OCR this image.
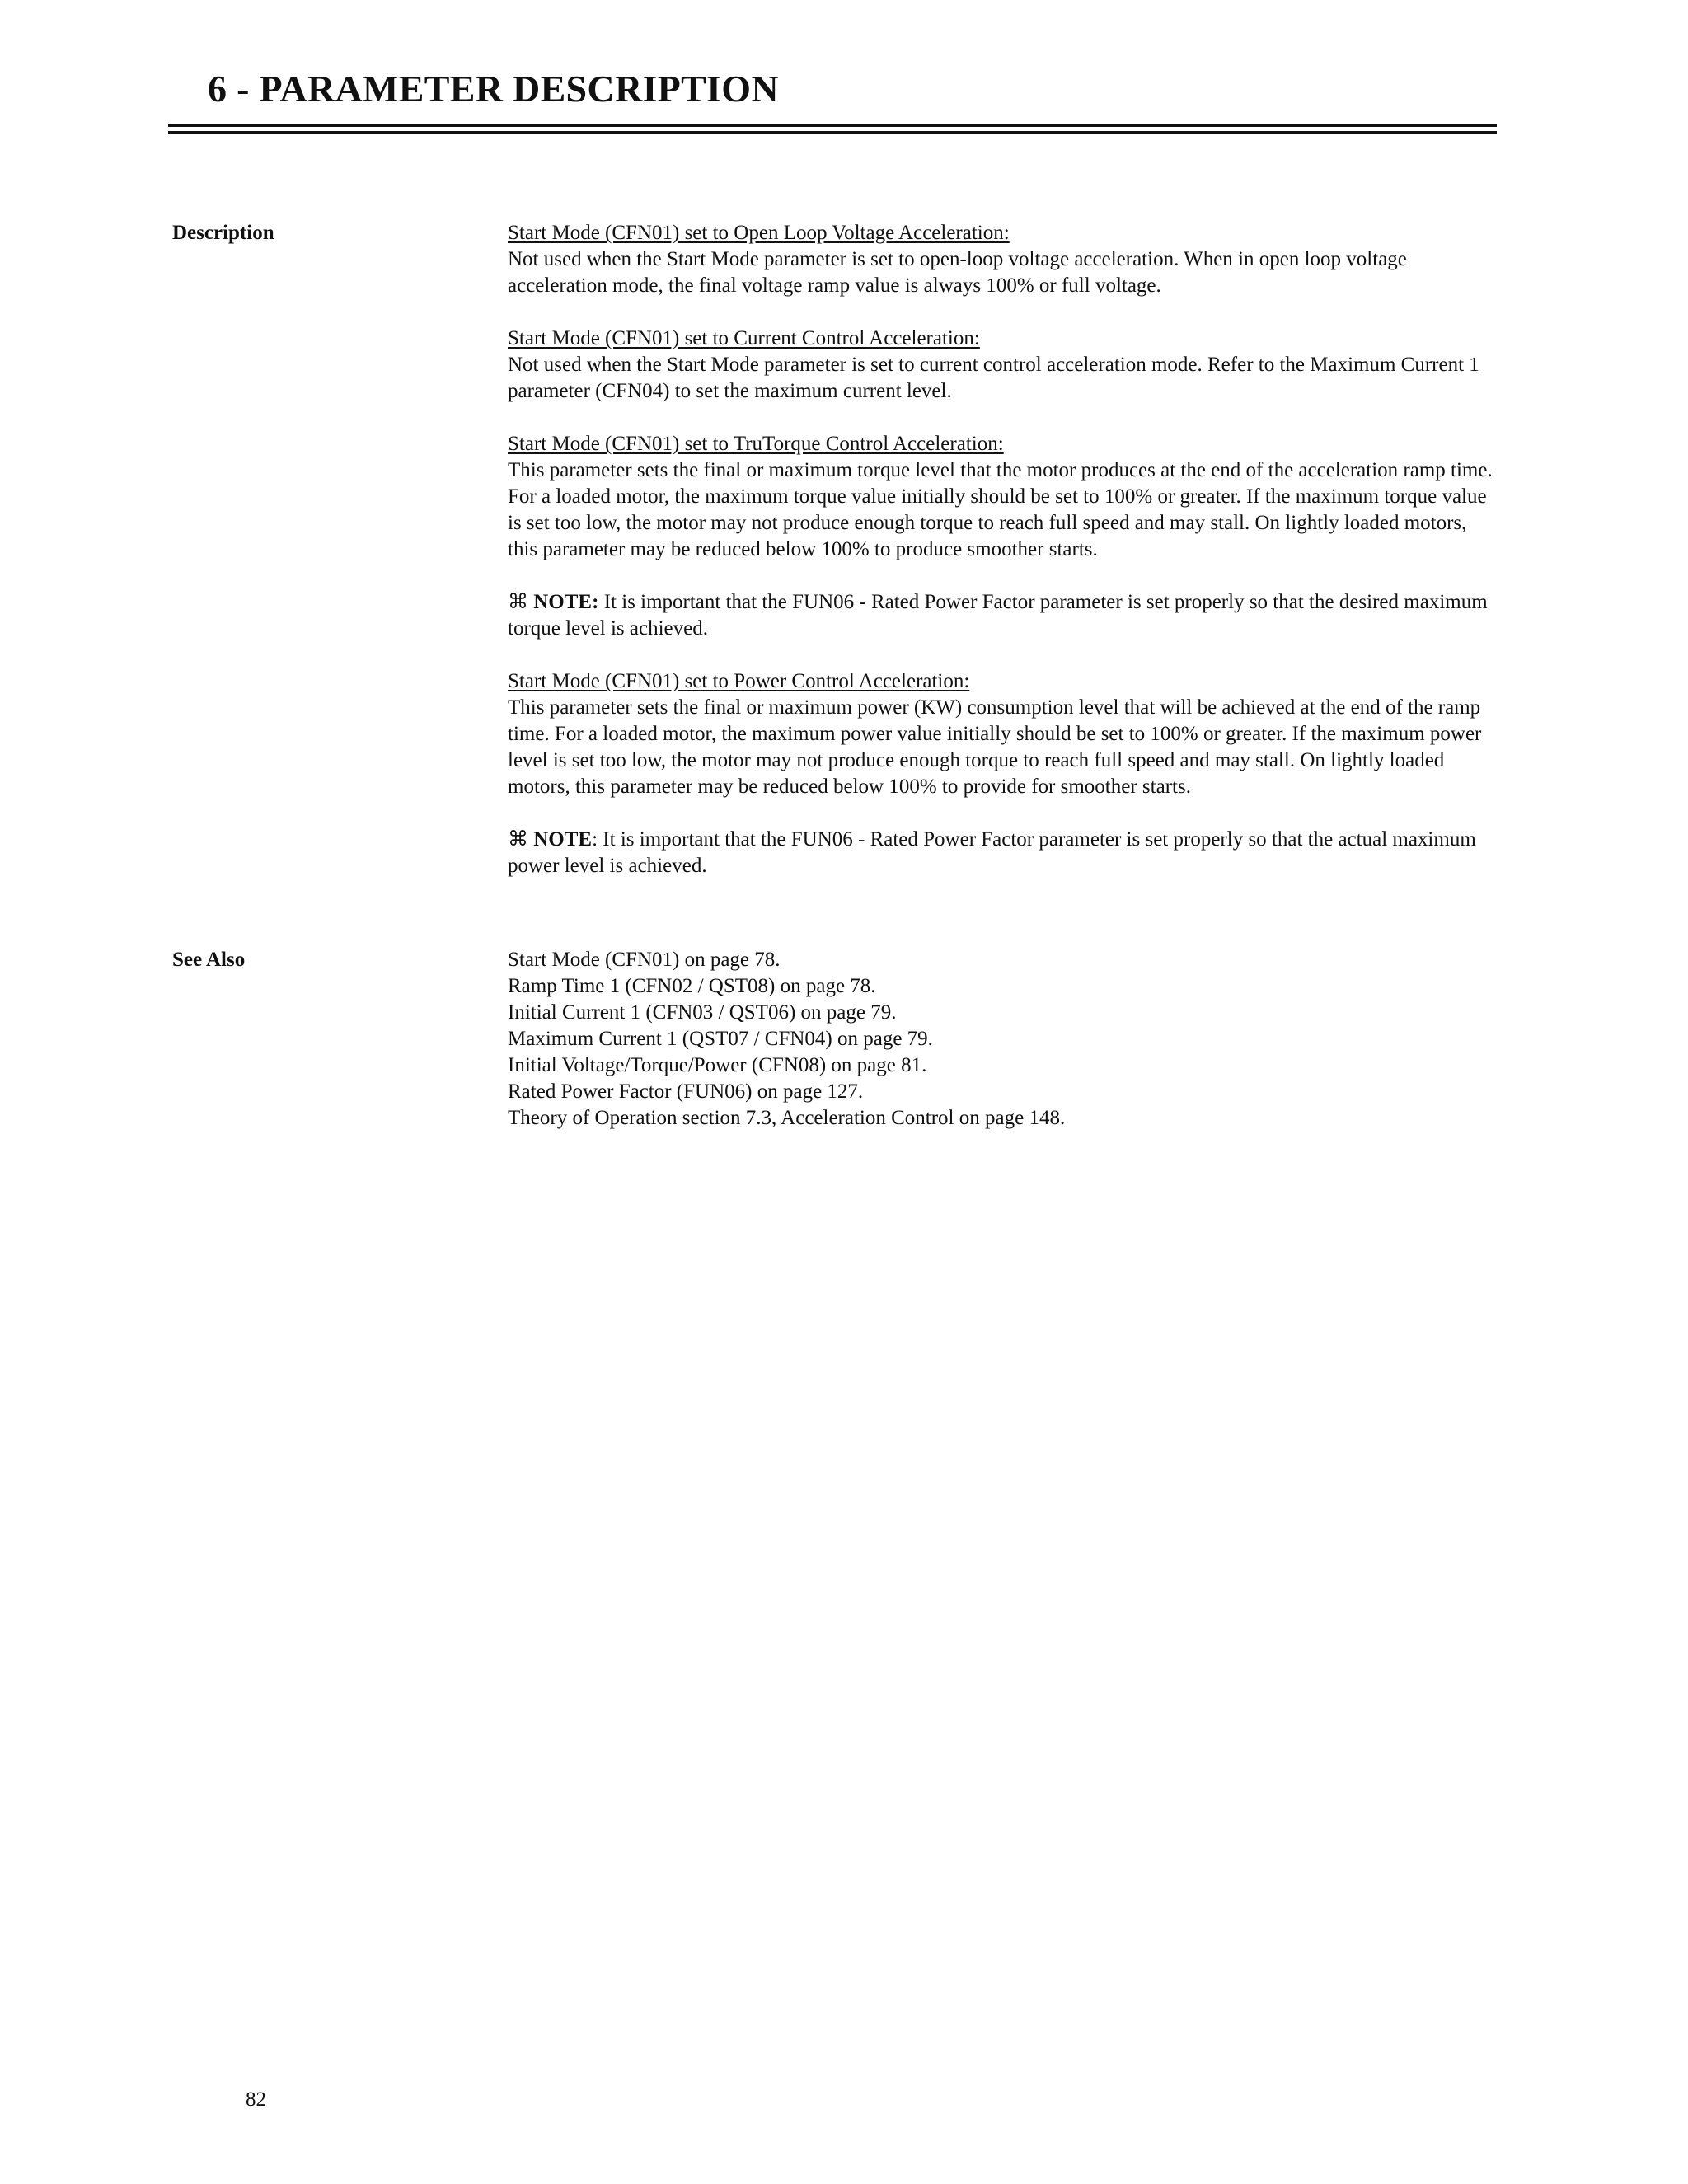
6 - PARAMETER DESCRIPTION
Description	Start Mode (CFN01) set to Open Loop Voltage Acceleration:
Not used when the Start Mode parameter is set to open-loop voltage acceleration. When in open loop voltage acceleration mode, the final voltage ramp value is always 100% or full voltage.
Start Mode (CFN01) set to Current Control Acceleration:
Not used when the Start Mode parameter is set to current control acceleration mode. Refer to the Maximum Current 1 parameter (CFN04) to set the maximum current level.
Start Mode (CFN01) set to TruTorque Control Acceleration:
This parameter sets the final or maximum torque level that the motor produces at the end of the acceleration ramp time. For a loaded motor, the maximum torque value initially should be set to 100% or greater. If the maximum torque value is set too low, the motor may not produce enough torque to reach full speed and may stall. On lightly loaded motors, this parameter may be reduced below 100% to produce smoother starts.

⌘ NOTE: It is important that the FUN06 - Rated Power Factor parameter is set properly so that the desired maximum torque level is achieved.

Start Mode (CFN01) set to Power Control Acceleration:
This parameter sets the final or maximum power (KW) consumption level that will be achieved at the end of the ramp time. For a loaded motor, the maximum power value initially should be set to 100% or greater. If the maximum power level is set too low, the motor may not produce enough torque to reach full speed and may stall. On lightly loaded motors, this parameter may be reduced below 100% to provide for smoother starts.

⌘ NOTE: It is important that the FUN06 - Rated Power Factor parameter is set properly so that the actual maximum power level is achieved.

See Also	Start Mode (CFN01) on page 78.
Ramp Time 1 (CFN02 / QST08) on page 78.
Initial Current 1 (CFN03 / QST06) on page 79.
Maximum Current 1 (QST07 / CFN04) on page 79.
Initial Voltage/Torque/Power (CFN08) on page 81.
Rated Power Factor (FUN06) on page 127.
Theory of Operation section 7.3, Acceleration Control on page 148.
82
